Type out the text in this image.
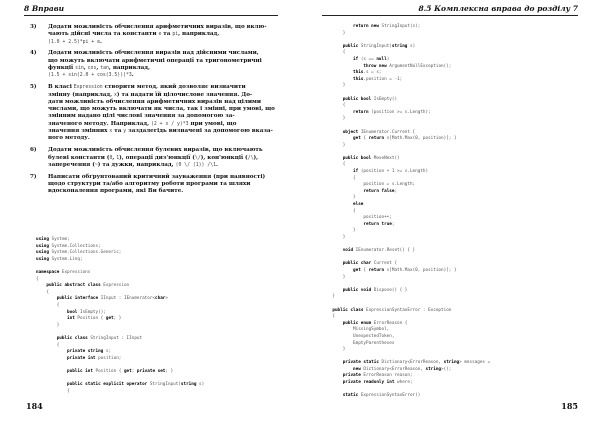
8 Вправи
3) Додати можливість обчислення арифметичних виразів, що вклю-
чають дійсні числа та константи e та pi, наприклад,
(1.0 + 2.5)*pi + e.
4) Додати можливість обчислення виразів над дійсними числами,
що можуть включати арифметичні операції та тригонометричні
функції sin, cos, tan, наприклад,
(1.5 + sin(2.0 + cos(3.5)))*3.
5) В класі Expression створити метод, який дозволяє визначити
змінну (наприклад, x) та надати їй цілочислове значення. До-
дати можливість обчислення арифметичних виразів над цілими
числами, що можуть включати як числа, так і змінні, при умові, що
змінним надано цілі числові значення за допомогою за-
значеного методу. Наприклад, (2 + x / y)*3 при умові, що
значення змінних x та y заздалегідь визначені за допомогою вказа-
ного методу.
6) Додати можливість обчислення булевих виразів, що включають
булеві константи (0, 1), операції диз'юнкції (\/), кон'юнкції (/\),
заперечення (~) та дужки, наприклад, (0 \/ (1)) /\1.
7) Написати обґрунтований критичний зауваження (при наявності)
щодо структури та/або алгоритму роботи програми та шляхи
вдосконалення програми, які Ви бачите.
using System;
using System.Collections;
using System.Collections.Generic;
using System.Linq;

namespace Expressions
{
public abstract class Expression
{
public interface IInput : IEnumerator<char>
{
bool IsEmpty();
int Position { get; }
}

public class StringInput : IInput
{
private string s;
private int position;

public int Position { get; private set; }

public static explicit operator StringInput(string s)
{
184
8.5 Комплексна вправа до розділу 7
return new StringInput(s);
}

public StringInput(string s)
{
if (s == null)
throw new ArgumentNullException();
this.s = s;
this.position = -1;
}

public bool IsEmpty()
{
return (position >= s.Length);
}

object IEnumerator.Current {
get { return s[Math.Max(0, position)]; }
}

public bool MoveNext()
{
if (position + 1 >= s.Length)
{
position = s.Length;
return false;
}
else
{
position++;
return true;
}
}

void IEnumerator.Reset() { }

public char Current {
get { return s[Math.Max(0, position)]; }
}

public void Dispose() { }
}

public class ExpressionSyntaxError : Exception
{
public enum ErrorReason {
MissingSymbol,
UnexpectedToken,
EmptyParentheses
}

private static Dictionary<ErrorReason, string> messages =
new Dictionary<ErrorReason, string>();
private ErrorReason reason;
private readonly int where;

static ExpressionSyntaxError()
185
